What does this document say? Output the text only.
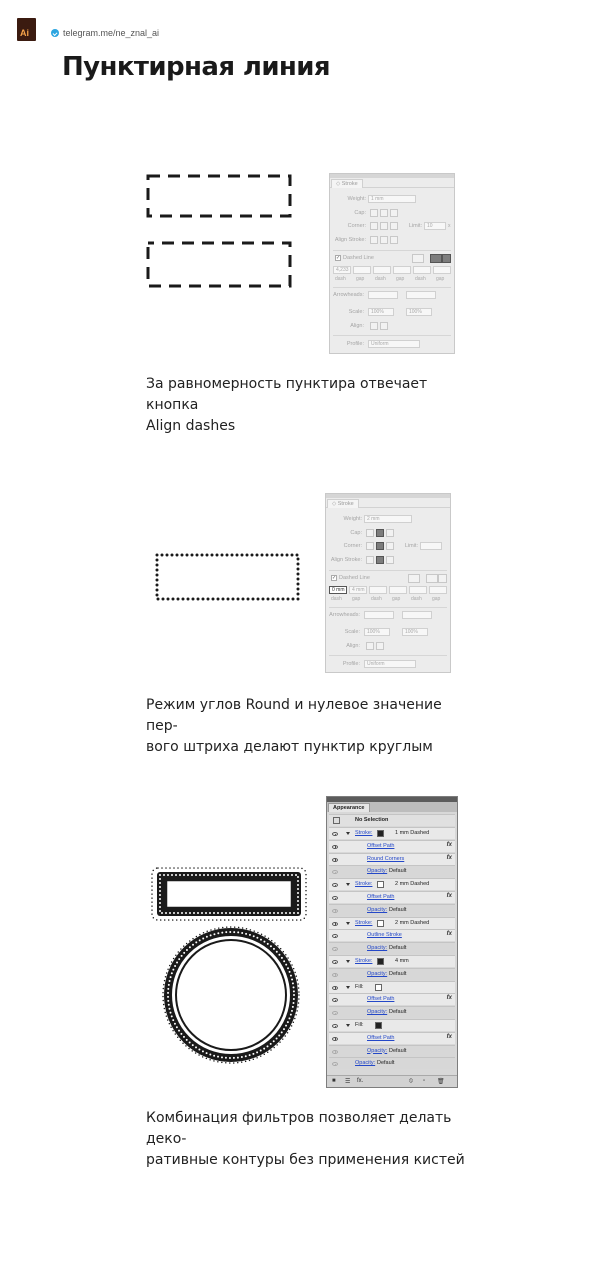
Ai	telegram.me/ne_znal_ai
Пунктирная линия
◇ Stroke
Weight:	1 mm
Cap:
Corner:	Limit:	10	x
Align Stroke:
✓ Dashed Line
4,233
dash gap dash gap dash gap
Arrowheads:
Scale:	100%	100%
Align:
Profile:	Uniform
За равномерность пунктира отвечает кнопка
Align dashes
◇ Stroke
Weight:	2 mm
Cap:
Corner:	Limit:
Align Stroke:
✓ Dashed Line
0 mm	4 mm
dash gap dash gap dash gap
Arrowheads:
Scale:	100%	100%
Align:
Profile:	Uniform
Режим углов Round и нулевое значение пер-
вого штриха делают пунктир круглым
Appearance
No Selection
Stroke:	1 mm Dashed
Offset Path	fx
Round Corners	fx
Opacity: Default
Stroke:	2 mm Dashed
Offset Path	fx
Opacity: Default
Stroke:	2 mm Dashed
Outline Stroke	fx
Opacity: Default
Stroke:	4 mm
Opacity: Default
Fill:
Offset Path	fx
Opacity: Default
Fill:
Offset Path	fx
Opacity: Default
Opacity: Default
■ ☰ fx.	⦸ ▫ 🗑
Комбинация фильтров позволяет делать деко-
ративные контуры без применения кистей
